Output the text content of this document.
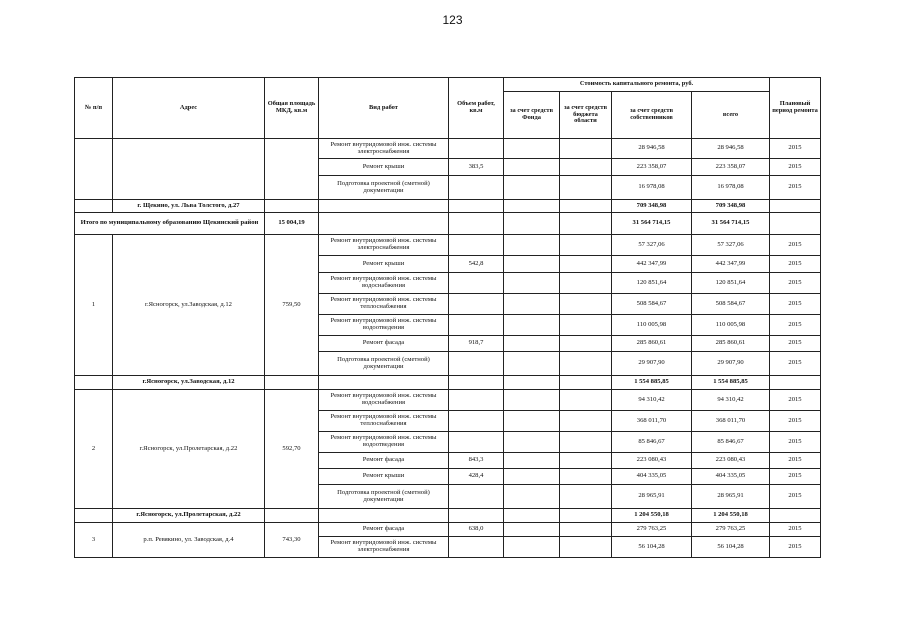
123
№ п/п	Адрес	Общая площадь МКД, кв.м	Вид работ	Объем работ, кв.м	Стоимость капитального ремонта, руб.				Плановый период ремонта
					за счет средств Фонда	за счет средств бюджета области	за счет средств собственников	всего	
			Ремонт внутридомовой инж. системы электроснабжения				28 946,58	28 946,58	2015
			Ремонт крыши	383,5			223 358,07	223 358,07	2015
			Подготовка проектной (сметной) документации				16 978,08	16 978,08	2015
	г. Щекино, ул. Льва Толстого, д.27						709 348,98	709 348,98	
Итого по муниципальному образованию Щекинский район		15 004,19					31 564 714,15	31 564 714,15	
1	г.Ясногорск, ул.Заводская, д.12	759,50	Ремонт внутридомовой инж. системы электроснабжения				57 327,06	57 327,06	2015
			Ремонт крыши	542,8			442 347,99	442 347,99	2015
			Ремонт внутридомовой инж. системы водоснабжения				120 851,64	120 851,64	2015
			Ремонт внутридомовой инж. системы теплоснабжения				508 584,67	508 584,67	2015
			Ремонт внутридомовой инж. системы водоотведения				110 005,98	110 005,98	2015
			Ремонт фасада	918,7			285 860,61	285 860,61	2015
			Подготовка проектной (сметной) документации				29 907,90	29 907,90	2015
	г.Ясногорск, ул.Заводская, д.12						1 554 885,85	1 554 885,85	
2	г.Ясногорск, ул.Пролетарская, д.22	592,70	Ремонт внутридомовой инж. системы водоснабжения				94 310,42	94 310,42	2015
			Ремонт внутридомовой инж. системы теплоснабжения				368 011,70	368 011,70	2015
			Ремонт внутридомовой инж. системы водоотведения				85 846,67	85 846,67	2015
			Ремонт фасада	843,3			223 080,43	223 080,43	2015
			Ремонт крыши	428,4			404 335,05	404 335,05	2015
			Подготовка проектной (сметной) документации				28 965,91	28 965,91	2015
	г.Ясногорск, ул.Пролетарская, д.22						1 204 550,18	1 204 550,18	
3	р.п. Ревякино, ул. Заводская, д.4	743,30	Ремонт фасада	638,0			279 763,25	279 763,25	2015
			Ремонт внутридомовой инж. системы электроснабжения				56 104,28	56 104,28	2015
